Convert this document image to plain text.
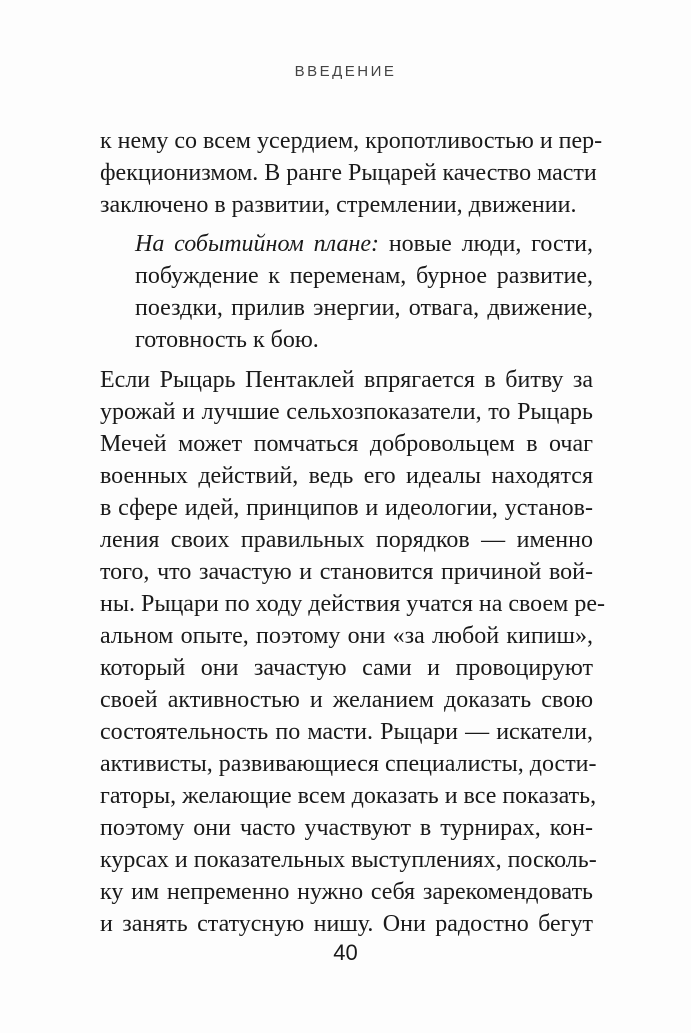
ВВЕДЕНИЕ
к нему со всем усердием, кропотливостью и пер-
фекционизмом. В ранге Рыцарей качество масти
заключено в развитии, стремлении, движении.
На событийном плане: новые люди, гости,
побуждение к переменам, бурное развитие,
поездки, прилив энергии, отвага, движение,
готовность к бою.
Если Рыцарь Пентаклей впрягается в битву за
урожай и лучшие сельхозпоказатели, то Рыцарь
Мечей может помчаться добровольцем в очаг
военных действий, ведь его идеалы находятся
в сфере идей, принципов и идеологии, установ-
ления своих правильных порядков — именно
того, что зачастую и становится причиной вой-
ны. Рыцари по ходу действия учатся на своем ре-
альном опыте, поэтому они «за любой кипиш»,
который они зачастую сами и провоцируют
своей активностью и желанием доказать свою
состоятельность по масти. Рыцари — искатели,
активисты, развивающиеся специалисты, дости-
гаторы, желающие всем доказать и все показать,
поэтому они часто участвуют в турнирах, кон-
курсах и показательных выступлениях, посколь-
ку им непременно нужно себя зарекомендовать
и занять статусную нишу. Они радостно бегут
40
